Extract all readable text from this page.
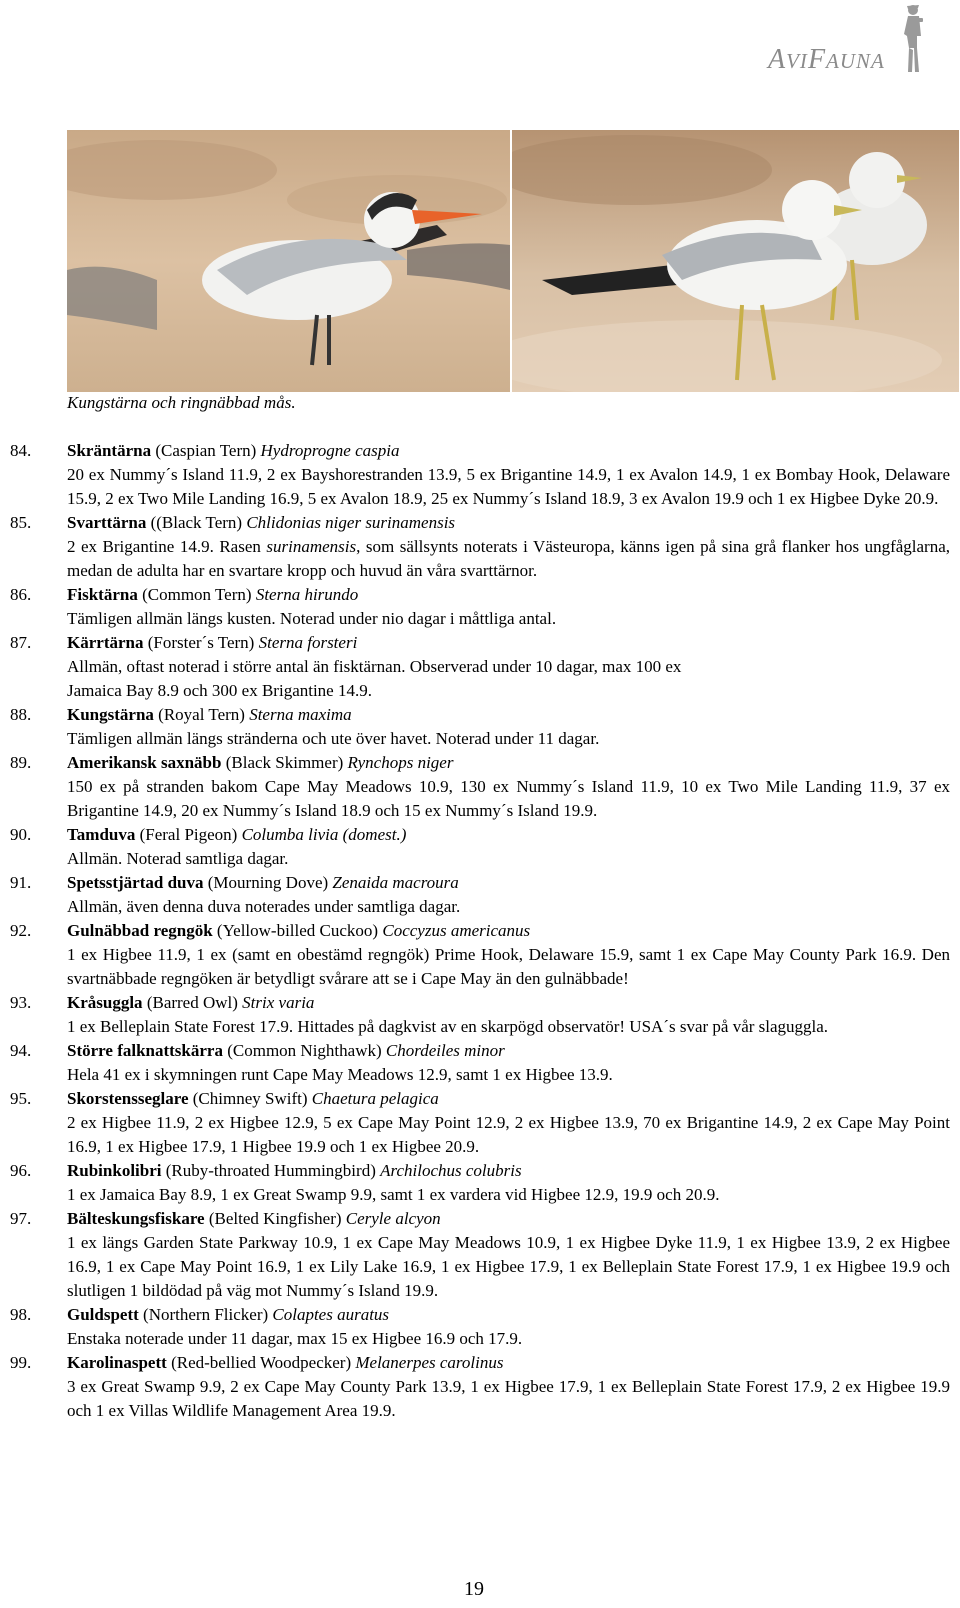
AVIFAUNA
Kungstärna och ringnäbbad mås.
84. Skräntärna (Caspian Tern) Hydroprogne caspia
20 ex Nummy´s Island 11.9, 2 ex Bayshorestranden 13.9, 5 ex Brigantine 14.9, 1 ex Avalon 14.9, 1 ex Bombay Hook, Delaware 15.9, 2 ex Two Mile Landing 16.9, 5 ex Avalon 18.9, 25 ex Nummy´s Island 18.9, 3 ex Avalon 19.9 och 1 ex Higbee Dyke 20.9.
85. Svarttärna ((Black Tern) Chlidonias niger surinamensis
2 ex Brigantine 14.9. Rasen surinamensis, som sällsynts noterats i Västeuropa, känns igen på sina grå flanker hos ungfåglarna, medan de adulta har en svartare kropp och huvud än våra svarttärnor.
86. Fisktärna (Common Tern) Sterna hirundo
Tämligen allmän längs kusten. Noterad under nio dagar i måttliga antal.
87. Kärrtärna (Forster´s Tern) Sterna forsteri
Allmän, oftast noterad i större antal än fisktärnan. Observerad under 10 dagar, max 100 ex Jamaica Bay 8.9 och 300 ex Brigantine 14.9.
88. Kungstärna (Royal Tern) Sterna maxima
Tämligen allmän längs stränderna och ute över havet. Noterad under 11 dagar.
89. Amerikansk saxnäbb (Black Skimmer) Rynchops niger
150 ex på stranden bakom Cape May Meadows 10.9, 130 ex Nummy´s Island 11.9, 10 ex Two Mile Landing 11.9, 37 ex Brigantine 14.9, 20 ex Nummy´s Island 18.9 och 15 ex Nummy´s Island 19.9.
90. Tamduva (Feral Pigeon) Columba livia (domest.)
Allmän. Noterad samtliga dagar.
91. Spetsstjärtad duva (Mourning Dove) Zenaida macroura
Allmän, även denna duva noterades under samtliga dagar.
92. Gulnäbbad regngök (Yellow-billed Cuckoo) Coccyzus americanus
1 ex Higbee 11.9, 1 ex (samt en obestämd regngök) Prime Hook, Delaware 15.9, samt 1 ex Cape May County Park 16.9. Den svartnäbbade regngöken är betydligt svårare att se i Cape May än den gulnäbbade!
93. Kråsuggla (Barred Owl) Strix varia
1 ex Belleplain State Forest 17.9. Hittades på dagkvist av en skarpögd observatör! USA´s svar på vår slaguggla.
94. Större falknattskärra (Common Nighthawk) Chordeiles minor
Hela 41 ex i skymningen runt Cape May Meadows 12.9, samt 1 ex Higbee 13.9.
95. Skorstensseglare (Chimney Swift) Chaetura pelagica
2 ex Higbee 11.9, 2 ex Higbee 12.9, 5 ex Cape May Point 12.9, 2 ex Higbee 13.9, 70 ex Brigantine 14.9, 2 ex Cape May Point 16.9, 1 ex Higbee 17.9, 1 Higbee 19.9 och 1 ex Higbee 20.9.
96. Rubinkolibri (Ruby-throated Hummingbird) Archilochus colubris
1 ex Jamaica Bay 8.9, 1 ex Great Swamp 9.9, samt 1 ex vardera vid Higbee 12.9, 19.9 och 20.9.
97. Bälteskungsfiskare (Belted Kingfisher) Ceryle alcyon
1 ex längs Garden State Parkway 10.9, 1 ex Cape May Meadows 10.9, 1 ex Higbee Dyke 11.9, 1 ex Higbee 13.9, 2 ex Higbee 16.9, 1 ex Cape May Point 16.9, 1 ex Lily Lake 16.9, 1 ex Higbee 17.9, 1 ex Belleplain State Forest 17.9, 1 ex Higbee 19.9 och slutligen 1 bildödad på väg mot Nummy´s Island 19.9.
98. Guldspett (Northern Flicker) Colaptes auratus
Enstaka noterade under 11 dagar, max 15 ex Higbee 16.9 och 17.9.
99. Karolinaspett (Red-bellied Woodpecker) Melanerpes carolinus
3 ex Great Swamp 9.9, 2 ex Cape May County Park 13.9, 1 ex Higbee 17.9, 1 ex Belleplain State Forest 17.9, 2 ex Higbee 19.9 och 1 ex Villas Wildlife Management Area 19.9.
19
